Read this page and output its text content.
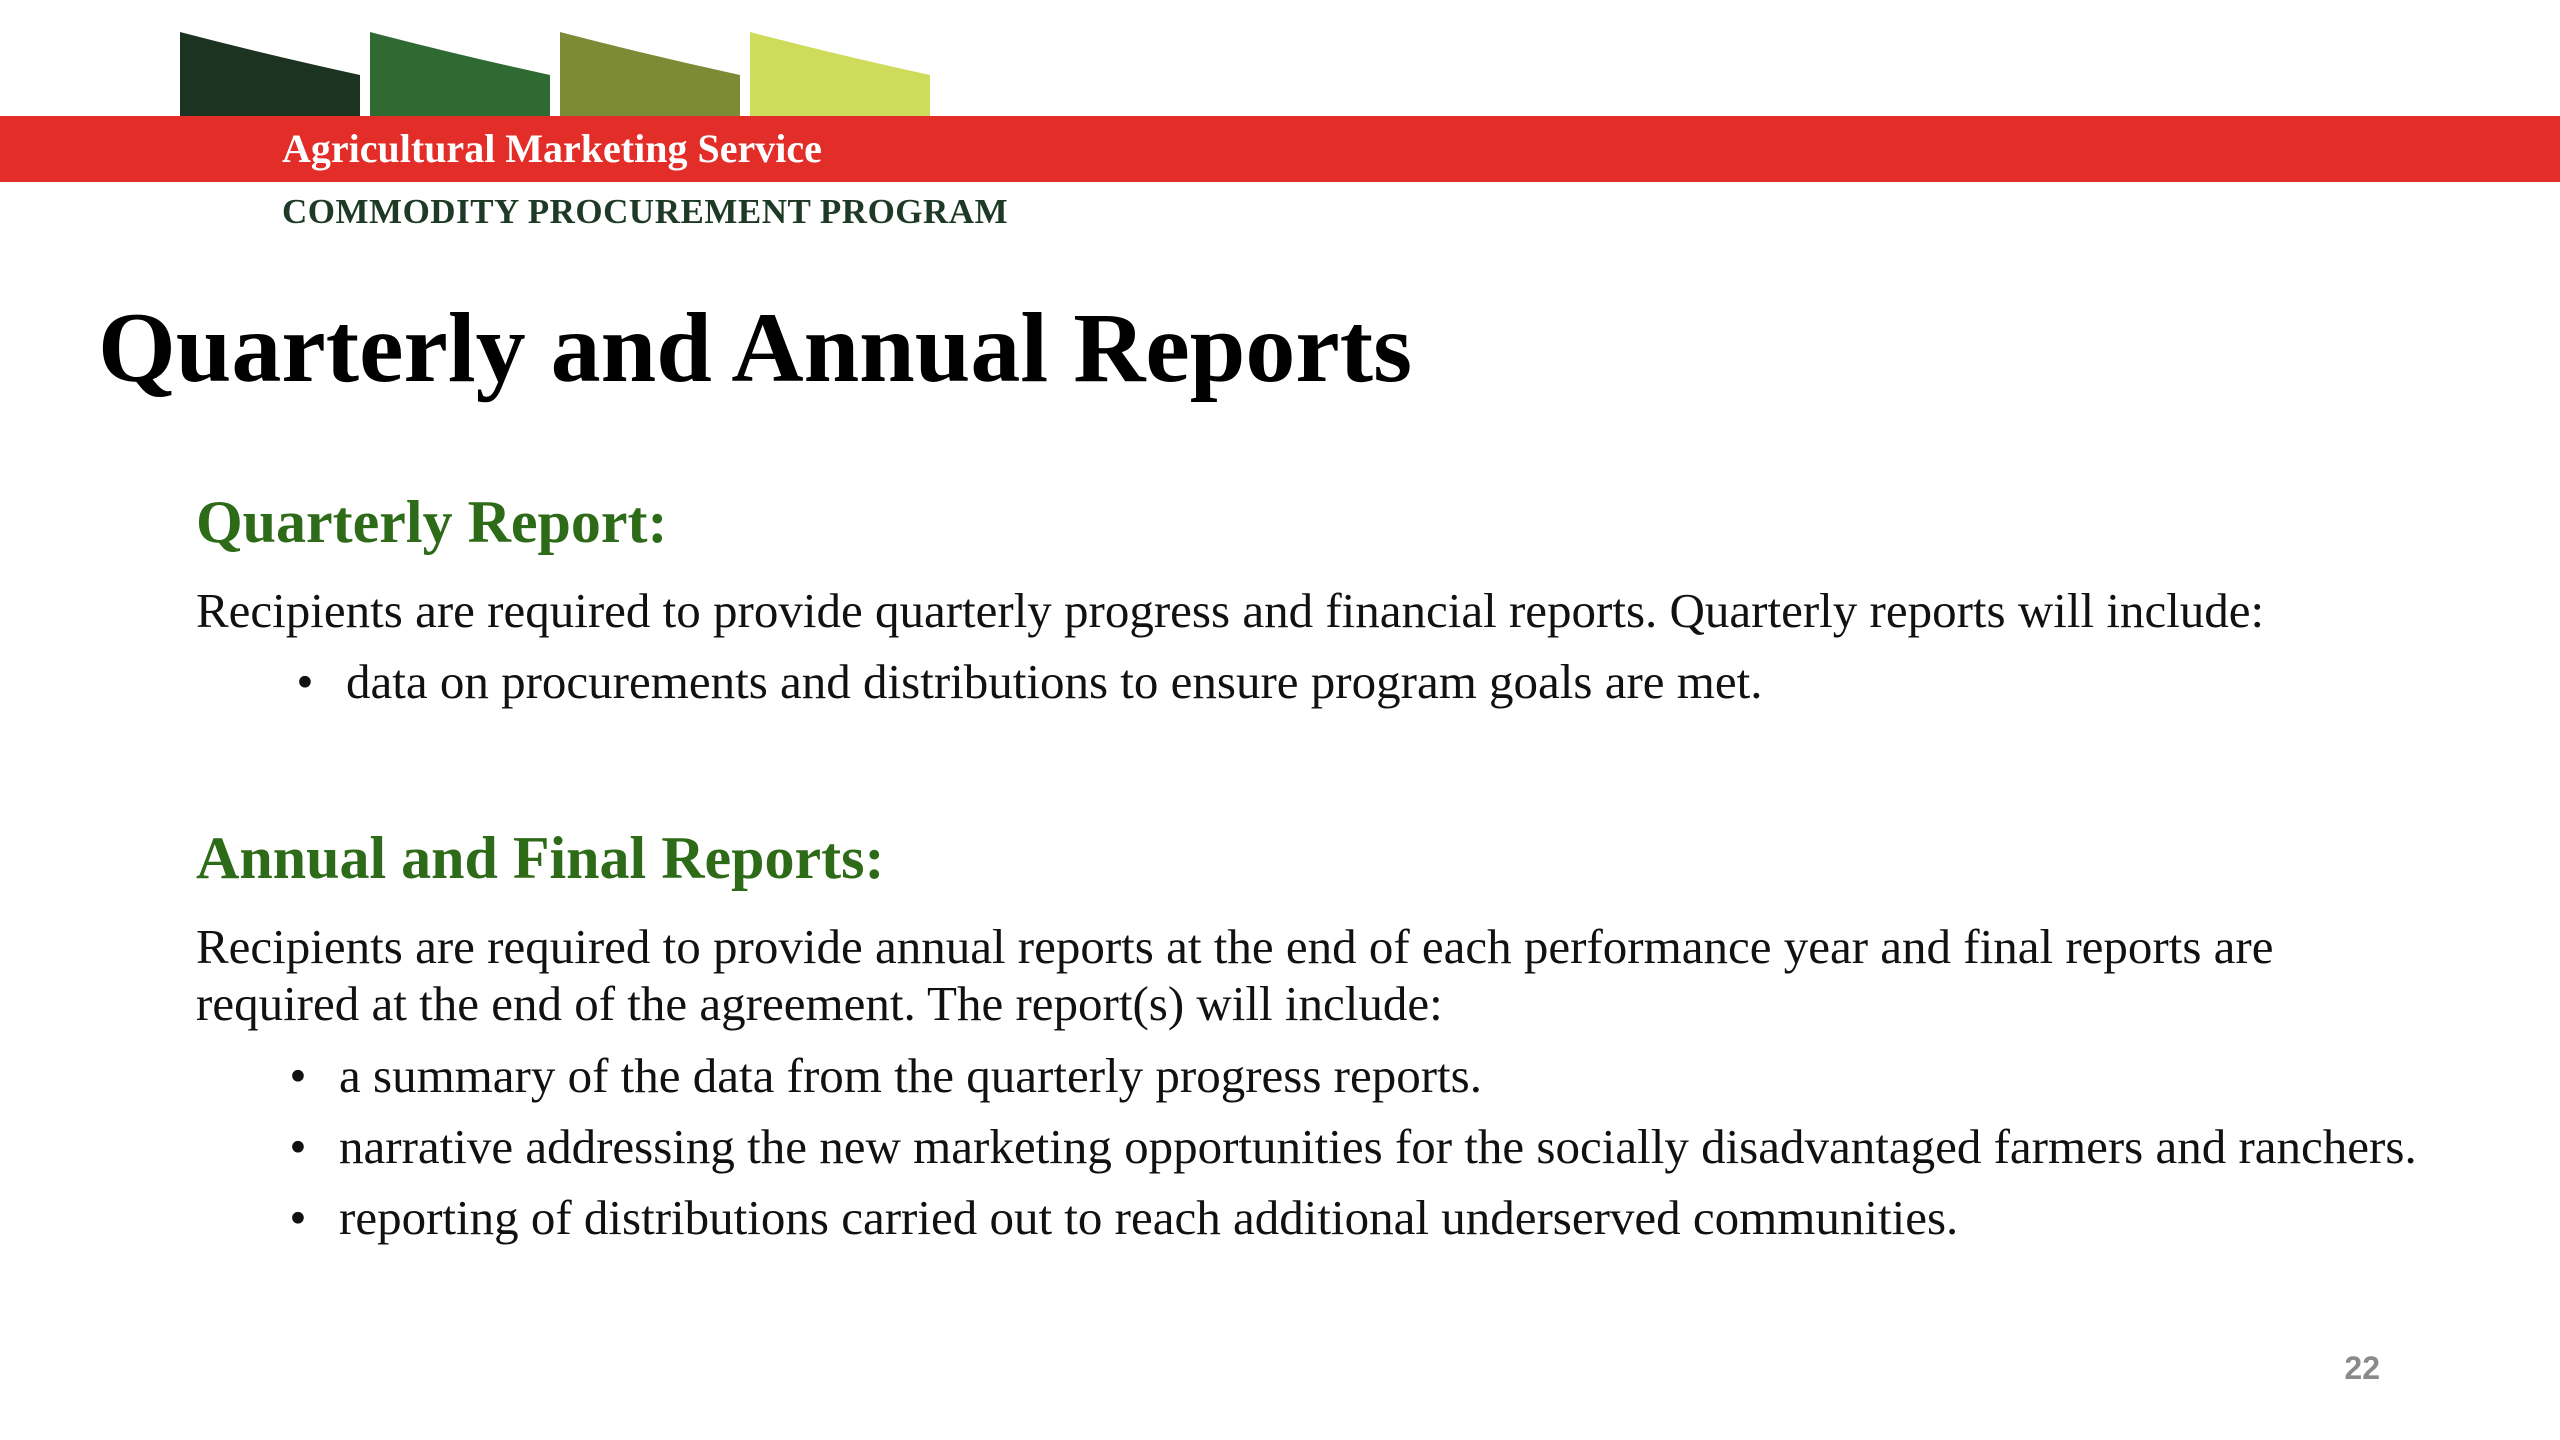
Agricultural Marketing Service
COMMODITY PROCUREMENT PROGRAM
Quarterly and Annual Reports
Quarterly Report:

Recipients are required to provide quarterly progress and financial reports. Quarterly reports will include:

• data on procurements and distributions to ensure program goals are met.
Annual and Final Reports:

Recipients are required to provide annual reports at the end of each performance year and final reports are required at the end of the agreement. The report(s) will include:

• a summary of the data from the quarterly progress reports.
• narrative addressing the new marketing opportunities for the socially disadvantaged farmers and ranchers.
• reporting of distributions carried out to reach additional underserved communities.
22
